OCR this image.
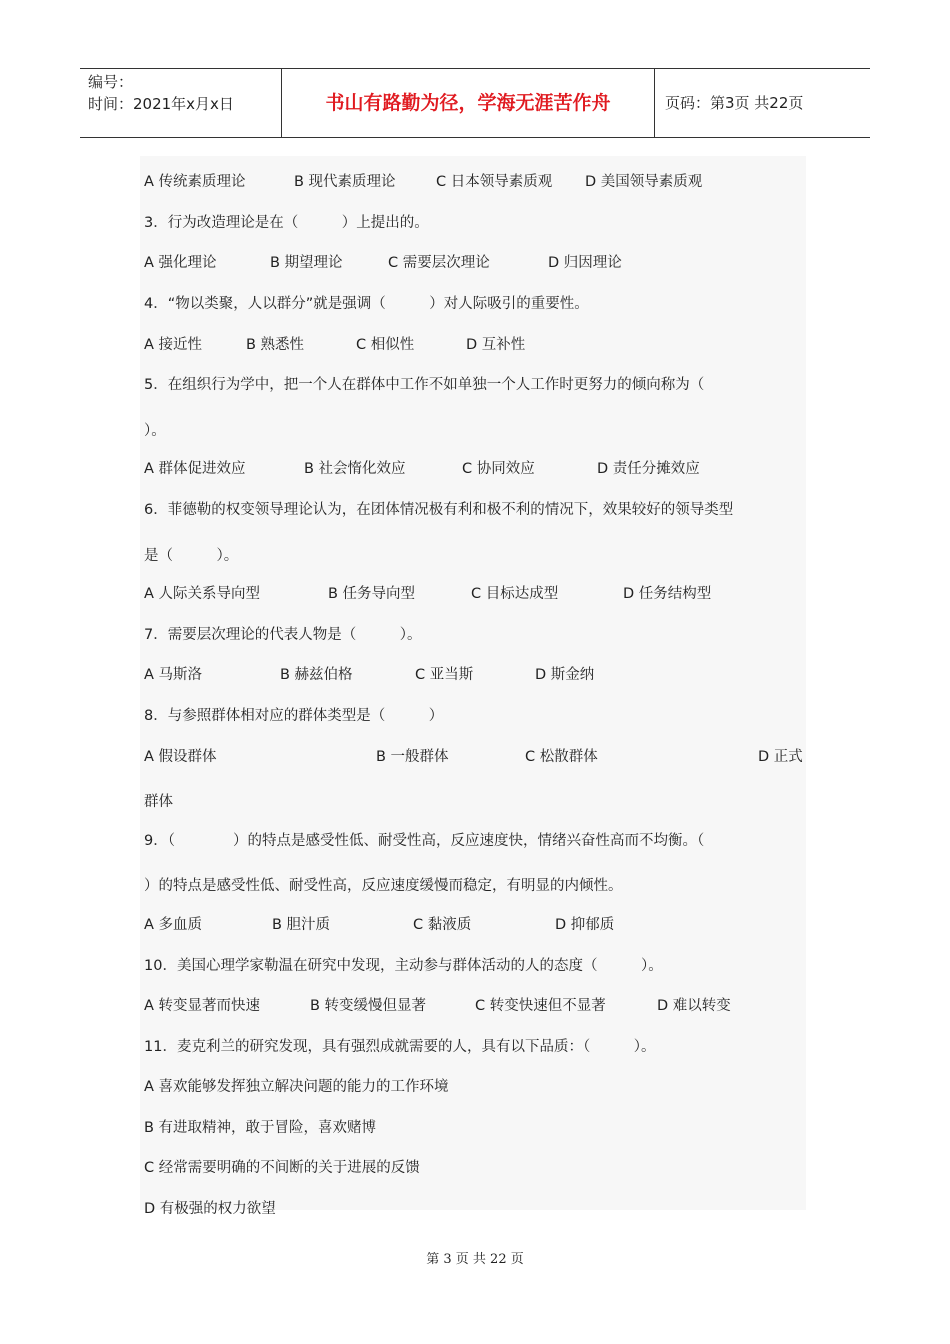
编号：
时间：2021年x月x日	书山有路勤为径，学海无涯苦作舟	页码：第3页 共22页
A 传统素质理论	B 现代素质理论	C 日本领导素质观 D 美国领导素质观
3．行为改造理论是在（　　　）上提出的。
A 强化理论	B 期望理论	C 需要层次理论	D 归因理论
4．“物以类聚，人以群分”就是强调（　　　）对人际吸引的重要性。
A 接近性	B 熟悉性	C 相似性	D 互补性
5．在组织行为学中，把一个人在群体中工作不如单独一个人工作时更努力的倾向称为（
）。
A 群体促进效应	B 社会惰化效应	C 协同效应	D 责任分摊效应
6．菲德勒的权变领导理论认为，在团体情况极有利和极不利的情况下，效果较好的领导类型
是（　　　）。
A 人际关系导向型	B 任务导向型	C 目标达成型	D 任务结构型
7．需要层次理论的代表人物是（　　　）。
A 马斯洛	B 赫兹伯格	C 亚当斯	D 斯金纳
8．与参照群体相对应的群体类型是（　　　）
A 假设群体	B 一般群体	C 松散群体	D 正式
群体
9．（　　　　）的特点是感受性低、耐受性高，反应速度快，情绪兴奋性高而不均衡。（
）的特点是感受性低、耐受性高，反应速度缓慢而稳定，有明显的内倾性。
A 多血质	B 胆汁质	C 黏液质	D 抑郁质
10．美国心理学家勒温在研究中发现，主动参与群体活动的人的态度（　　　）。
A 转变显著而快速	B 转变缓慢但显著	C 转变快速但不显著	D 难以转变
11．麦克利兰的研究发现，具有强烈成就需要的人，具有以下品质：（　　　）。
A 喜欢能够发挥独立解决问题的能力的工作环境
B 有进取精神，敢于冒险，喜欢赌博
C 经常需要明确的不间断的关于进展的反馈
D 有极强的权力欲望
第 3 页 共 22 页
